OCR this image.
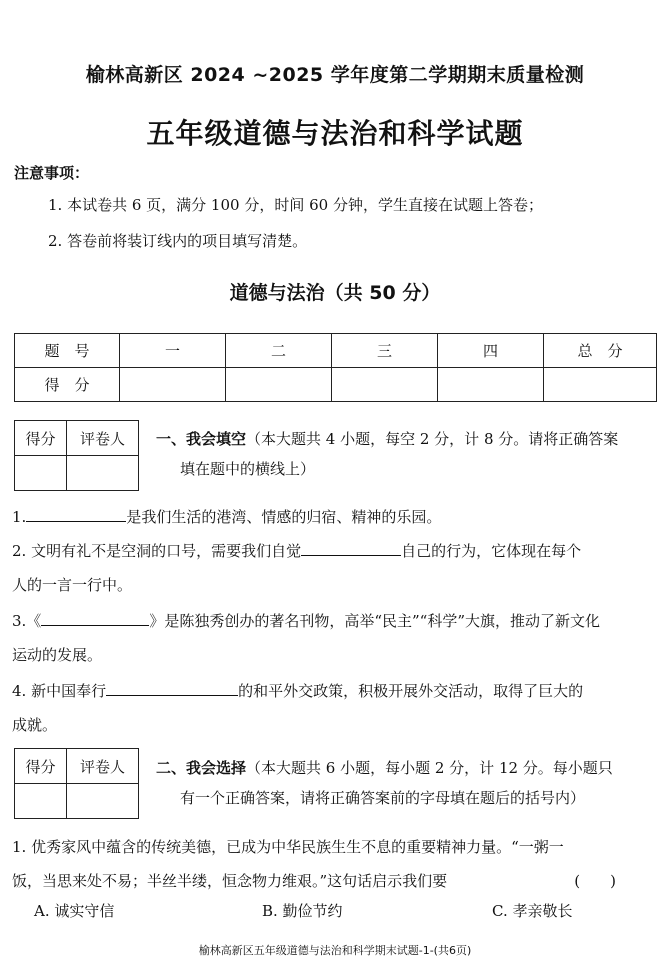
榆林高新区 2024 ~2025 学年度第二学期期末质量检测
五年级道德与法治和科学试题
注意事项：
1. 本试卷共 6 页，满分 100 分，时间 60 分钟，学生直接在试题上答卷；
2. 答卷前将装订线内的项目填写清楚。
道德与法治（共 50 分）
题　号	一	二	三	四	总　分
得　分					
得分	评卷人
	一、我会填空（本大题共 4 小题，每空 2 分，计 8 分。请将正确答案
填在题中的横线上）
1.	是我们生活的港湾、情感的归宿、精神的乐园。
2. 文明有礼不是空洞的口号，需要我们自觉	自己的行为，它体现在每个
人的一言一行中。
3.《	》是陈独秀创办的著名刊物，高举“民主”“科学”大旗，推动了新文化
运动的发展。
4. 新中国奉行	的和平外交政策，积极开展外交活动，取得了巨大的
成就。
得分	评卷人
	二、我会选择（本大题共 6 小题，每小题 2 分，计 12 分。每小题只
有一个正确答案，请将正确答案前的字母填在题后的括号内）
1. 优秀家风中蕴含的传统美德，已成为中华民族生生不息的重要精神力量。“一粥一
饭，当思来处不易；半丝半缕，恒念物力维艰。”这句话启示我们要	(　　)
A. 诚实守信	B. 勤俭节约	C. 孝亲敬长
榆林高新区五年级道德与法治和科学期末试题-1-(共6页)
